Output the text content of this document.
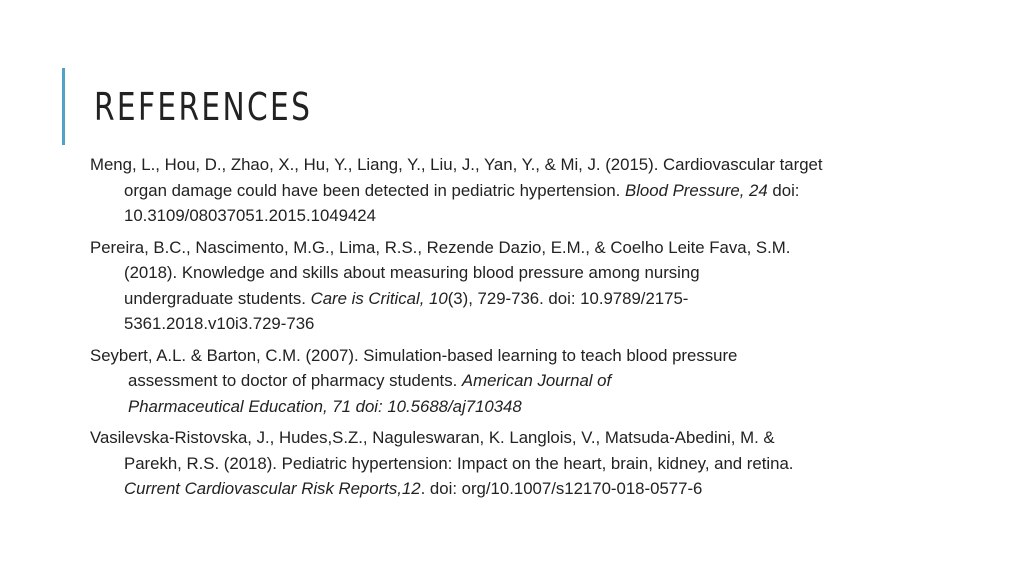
REFERENCES

Meng, L., Hou, D., Zhao, X., Hu, Y., Liang, Y., Liu, J., Yan, Y., & Mi, J. (2015). Cardiovascular target
organ damage could have been detected in pediatric hypertension. Blood Pressure, 24 doi:
10.3109/08037051.2015.1049424

Pereira, B.C., Nascimento, M.G., Lima, R.S., Rezende Dazio, E.M., & Coelho Leite Fava, S.M.
(2018). Knowledge and skills about measuring blood pressure among nursing
undergraduate students. Care is Critical, 10(3), 729-736. doi: 10.9789/2175-
5361.2018.v10i3.729-736

Seybert, A.L. & Barton, C.M. (2007). Simulation-based learning to teach blood pressure
assessment to doctor of pharmacy students. American Journal of
Pharmaceutical Education, 71 doi: 10.5688/aj710348

Vasilevska-Ristovska, J., Hudes,S.Z., Naguleswaran, K. Langlois, V., Matsuda-Abedini, M. &
Parekh, R.S. (2018). Pediatric hypertension: Impact on the heart, brain, kidney, and retina.
Current Cardiovascular Risk Reports,12. doi: org/10.1007/s12170-018-0577-6
